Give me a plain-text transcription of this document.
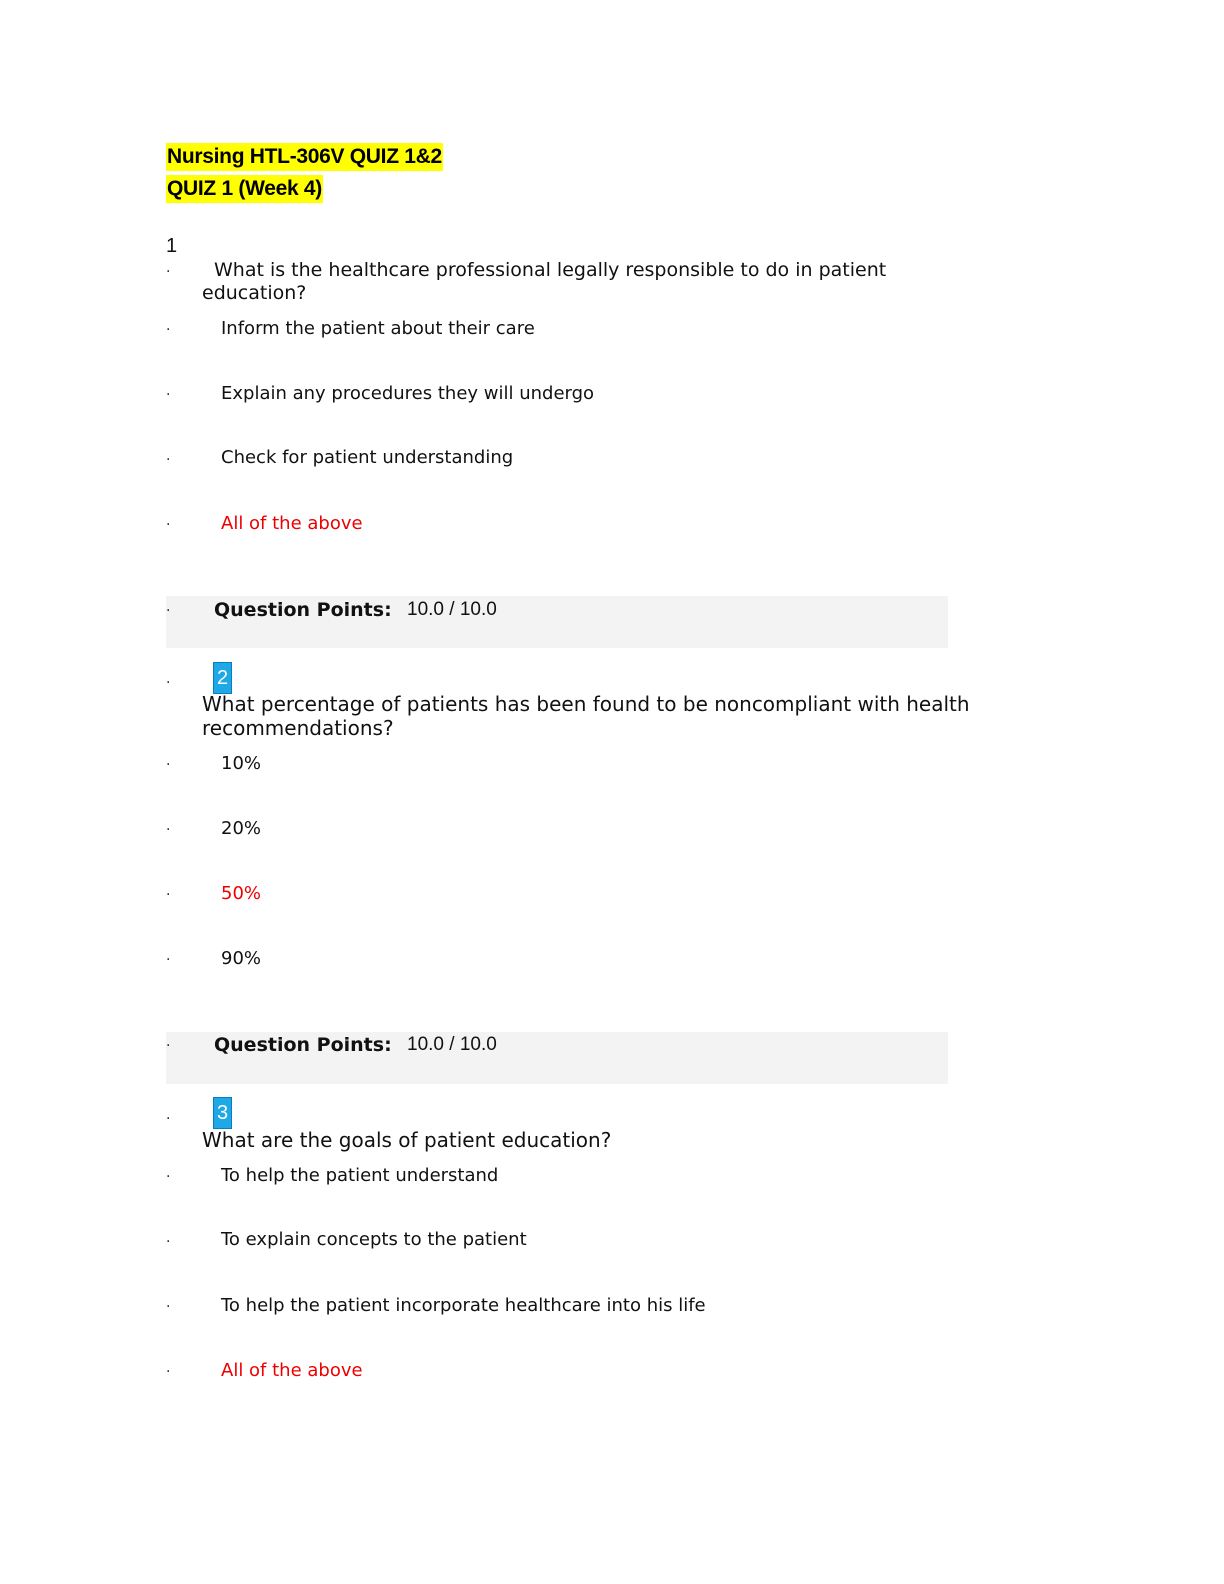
Nursing HTL-306V QUIZ 1&2
QUIZ 1 (Week 4)
1
· What is the healthcare professional legally responsible to do in patient
education?
·	Inform the patient about their care
·	Explain any procedures they will undergo
·	Check for patient understanding
·	All of the above
· Question Points: 10.0 / 10.0
· 2
What percentage of patients has been found to be noncompliant with health
recommendations?
·	10%
·	20%
·	50%
·	90%
· Question Points: 10.0 / 10.0
· 3
What are the goals of patient education?
·	To help the patient understand
·	To explain concepts to the patient
·	To help the patient incorporate healthcare into his life
·	All of the above
